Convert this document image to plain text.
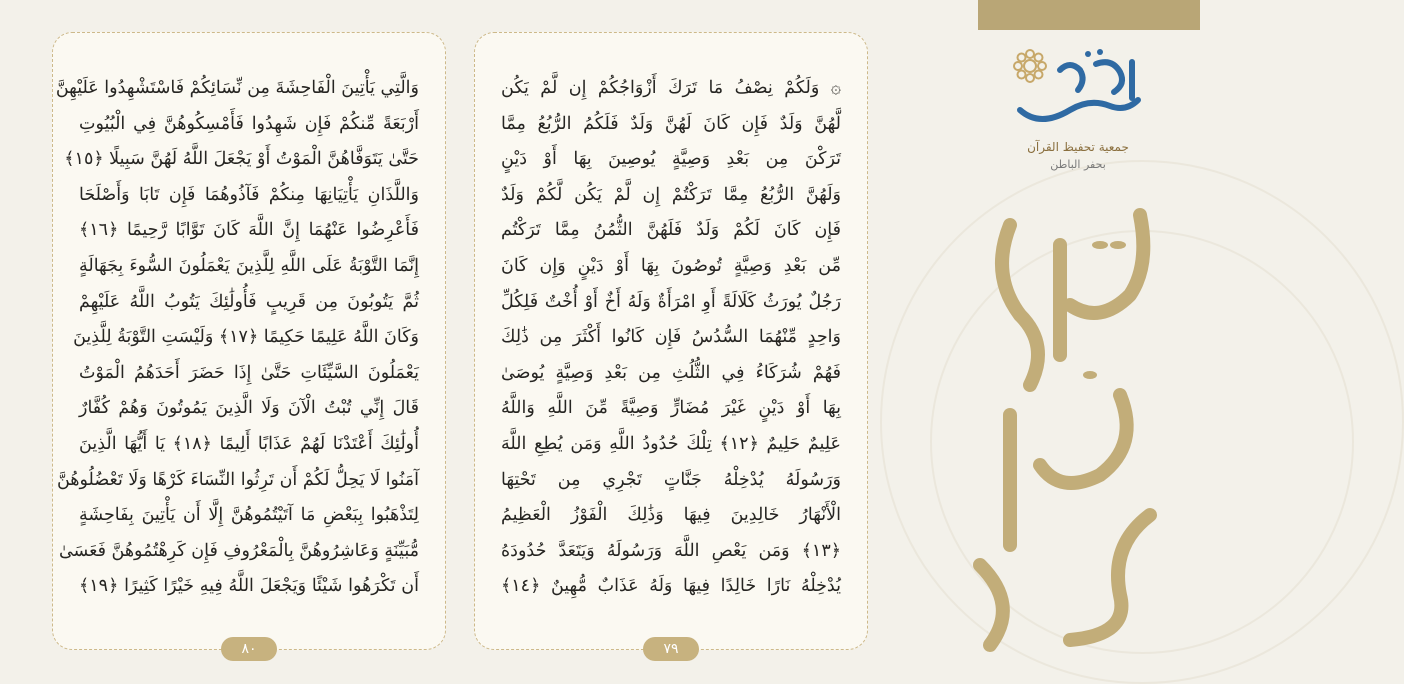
وَالَّتِي يَأْتِينَ الْفَاحِشَةَ مِن نِّسَائِكُمْ فَاسْتَشْهِدُوا عَلَيْهِنَّ
أَرْبَعَةً مِّنكُمْ فَإِن شَهِدُوا فَأَمْسِكُوهُنَّ فِي الْبُيُوتِ
حَتَّىٰ يَتَوَفَّاهُنَّ الْمَوْتُ أَوْ يَجْعَلَ اللَّهُ لَهُنَّ سَبِيلًا ﴿١٥﴾
وَاللَّذَانِ يَأْتِيَانِهَا مِنكُمْ فَآذُوهُمَا فَإِن تَابَا وَأَصْلَحَا
فَأَعْرِضُوا عَنْهُمَا إِنَّ اللَّهَ كَانَ تَوَّابًا رَّحِيمًا ﴿١٦﴾
إِنَّمَا التَّوْبَةُ عَلَى اللَّهِ لِلَّذِينَ يَعْمَلُونَ السُّوءَ بِجَهَالَةٍ
ثُمَّ يَتُوبُونَ مِن قَرِيبٍ فَأُولَٰئِكَ يَتُوبُ اللَّهُ عَلَيْهِمْ
وَكَانَ اللَّهُ عَلِيمًا حَكِيمًا ﴿١٧﴾ وَلَيْسَتِ التَّوْبَةُ لِلَّذِينَ
يَعْمَلُونَ السَّيِّئَاتِ حَتَّىٰ إِذَا حَضَرَ أَحَدَهُمُ الْمَوْتُ
قَالَ إِنِّي تُبْتُ الْآنَ وَلَا الَّذِينَ يَمُوتُونَ وَهُمْ كُفَّارٌ
أُولَٰئِكَ أَعْتَدْنَا لَهُمْ عَذَابًا أَلِيمًا ﴿١٨﴾ يَا أَيُّهَا الَّذِينَ
آمَنُوا لَا يَحِلُّ لَكُمْ أَن تَرِثُوا النِّسَاءَ كَرْهًا وَلَا تَعْضُلُوهُنَّ
لِتَذْهَبُوا بِبَعْضِ مَا آتَيْتُمُوهُنَّ إِلَّا أَن يَأْتِينَ بِفَاحِشَةٍ
مُّبَيِّنَةٍ وَعَاشِرُوهُنَّ بِالْمَعْرُوفِ فَإِن كَرِهْتُمُوهُنَّ فَعَسَىٰ
أَن تَكْرَهُوا شَيْئًا وَيَجْعَلَ اللَّهُ فِيهِ خَيْرًا كَثِيرًا ﴿١٩﴾
٨٠
۞ وَلَكُمْ نِصْفُ مَا تَرَكَ أَزْوَاجُكُمْ إِن لَّمْ يَكُن
لَّهُنَّ وَلَدٌ فَإِن كَانَ لَهُنَّ وَلَدٌ فَلَكُمُ الرُّبُعُ مِمَّا
تَرَكْنَ مِن بَعْدِ وَصِيَّةٍ يُوصِينَ بِهَا أَوْ دَيْنٍ
وَلَهُنَّ الرُّبُعُ مِمَّا تَرَكْتُمْ إِن لَّمْ يَكُن لَّكُمْ وَلَدٌ
فَإِن كَانَ لَكُمْ وَلَدٌ فَلَهُنَّ الثُّمُنُ مِمَّا تَرَكْتُم
مِّن بَعْدِ وَصِيَّةٍ تُوصُونَ بِهَا أَوْ دَيْنٍ وَإِن كَانَ
رَجُلٌ يُورَثُ كَلَالَةً أَوِ امْرَأَةٌ وَلَهُ أَخٌ أَوْ أُخْتٌ فَلِكُلِّ
وَاحِدٍ مِّنْهُمَا السُّدُسُ فَإِن كَانُوا أَكْثَرَ مِن ذَٰلِكَ
فَهُمْ شُرَكَاءُ فِي الثُّلُثِ مِن بَعْدِ وَصِيَّةٍ يُوصَىٰ
بِهَا أَوْ دَيْنٍ غَيْرَ مُضَارٍّ وَصِيَّةً مِّنَ اللَّهِ وَاللَّهُ
عَلِيمٌ حَلِيمٌ ﴿١٢﴾ تِلْكَ حُدُودُ اللَّهِ وَمَن يُطِعِ اللَّهَ
وَرَسُولَهُ يُدْخِلْهُ جَنَّاتٍ تَجْرِي مِن تَحْتِهَا
الْأَنْهَارُ خَالِدِينَ فِيهَا وَذَٰلِكَ الْفَوْزُ الْعَظِيمُ
﴿١٣﴾ وَمَن يَعْصِ اللَّهَ وَرَسُولَهُ وَيَتَعَدَّ حُدُودَهُ
يُدْخِلْهُ نَارًا خَالِدًا فِيهَا وَلَهُ عَذَابٌ مُّهِينٌ ﴿١٤﴾
٧٩
جمعية تحفيظ القرآن
بحفر الباطن
